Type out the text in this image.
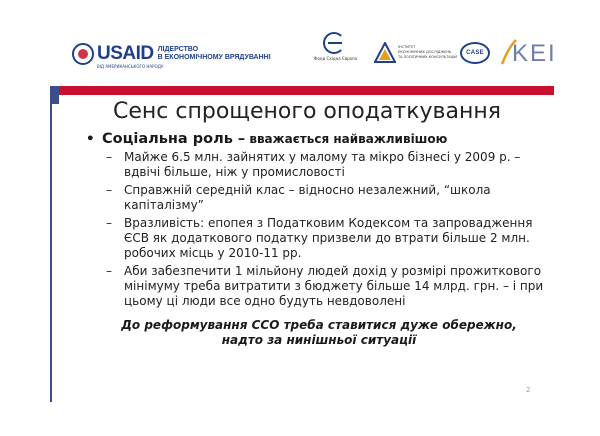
USAID
ВІД АМЕРИКАНСЬКОГО НАРОДУ
ЛІДЕРСТВО
В ЕКОНОМІЧНОМУ ВРЯДУВАННІ	Фонд Східна Європа
ІНСТИТУТ
ЕКОНОМІЧНИХ ДОСЛІДЖЕНЬ
ТА ПОЛІТИЧНИХ КОНСУЛЬТАЦІЙ
CASE KEI
Сенс спрощеного оподаткування
• Соціальна роль – вважається найважливішою
– Майже 6.5 млн. зайнятих у малому та мікро бізнесі у 2009 р. – вдвічі більше, ніж у промисловості
– Справжній середній клас – відносно незалежний, “школа капіталізму”
– Вразливість: епопея з Податковим Кодексом та запровадження ЄСВ як додаткового податку призвели до втрати більше 2 млн. робочих місць у 2010-11 рр.
– Аби забезпечити 1 мільйону людей дохід у розмірі прожиткового мінімуму треба витратити з бюджету більше 14 млрд. грн. – і при цьому ці люди все одно будуть невдоволені
До реформування ССО треба ставитися дуже обережно,
надто за нинішньої ситуації
2
